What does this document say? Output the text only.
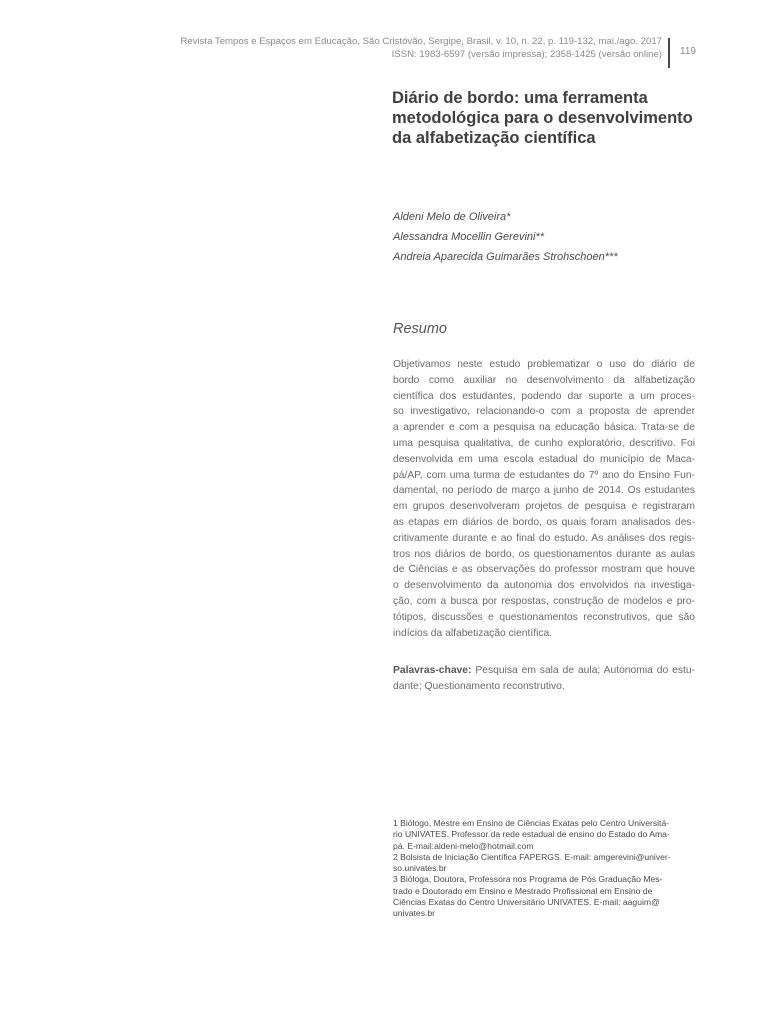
Revista Tempos e Espaços em Educação, São Cristóvão, Sergipe, Brasil, v. 10, n. 22, p. 119-132, mai./ago. 2017
ISSN: 1983-6597 (versão impressa); 2358-1425 (versão online) 119
Diário de bordo: uma ferramenta
metodológica para o desenvolvimento
da alfabetização científica
Aldeni Melo de Oliveira*
Alessandra Mocellin Gerevini**
Andreia Aparecida Guimarães Strohschoen***
Resumo
Objetivamos neste estudo problematizar o uso do diário de
bordo como auxiliar no desenvolvimento da alfabetização
científica dos estudantes, podendo dar suporte a um proces-
so investigativo, relacionando-o com a proposta de aprender
a aprender e com a pesquisa na educação básica. Trata-se de
uma pesquisa qualitativa, de cunho exploratório, descritivo. Foi
desenvolvida em uma escola estadual do município de Maca-
pá/AP, com uma turma de estudantes do 7º ano do Ensino Fun-
damental, no período de março a junho de 2014. Os estudantes
em grupos desenvolveram projetos de pesquisa e registraram
as etapas em diários de bordo, os quais foram analisados des-
critivamente durante e ao final do estudo. As análises dos regis-
tros nos diários de bordo, os questionamentos durante as aulas
de Ciências e as observações do professor mostram que houve
o desenvolvimento da autonomia dos envolvidos na investiga-
ção, com a busca por respostas, construção de modelos e pro-
tótipos, discussões e questionamentos reconstrutivos, que são
indícios da alfabetização científica.
Palavras-chave: Pesquisa em sala de aula; Autonomia do estu-
dante; Questionamento reconstrutivo.
1 Biólogo, Mestre em Ensino de Ciências Exatas pelo Centro Universitá-
rio UNIVATES. Professor da rede estadual de ensino do Estado do Ama-
pá. E-mail:aldeni-melo@hotmail.com
2 Bolsista de Iniciação Científica FAPERGS. E-mail: amgerevini@univer-
so.univates.br
3 Bióloga, Doutora, Professora nos Programa de Pós Graduação Mes-
trado e Doutorado em Ensino e Mestrado Profissional em Ensino de
Ciências Exatas do Centro Universitário UNIVATES. E-mail: aaguim@
univates.br
